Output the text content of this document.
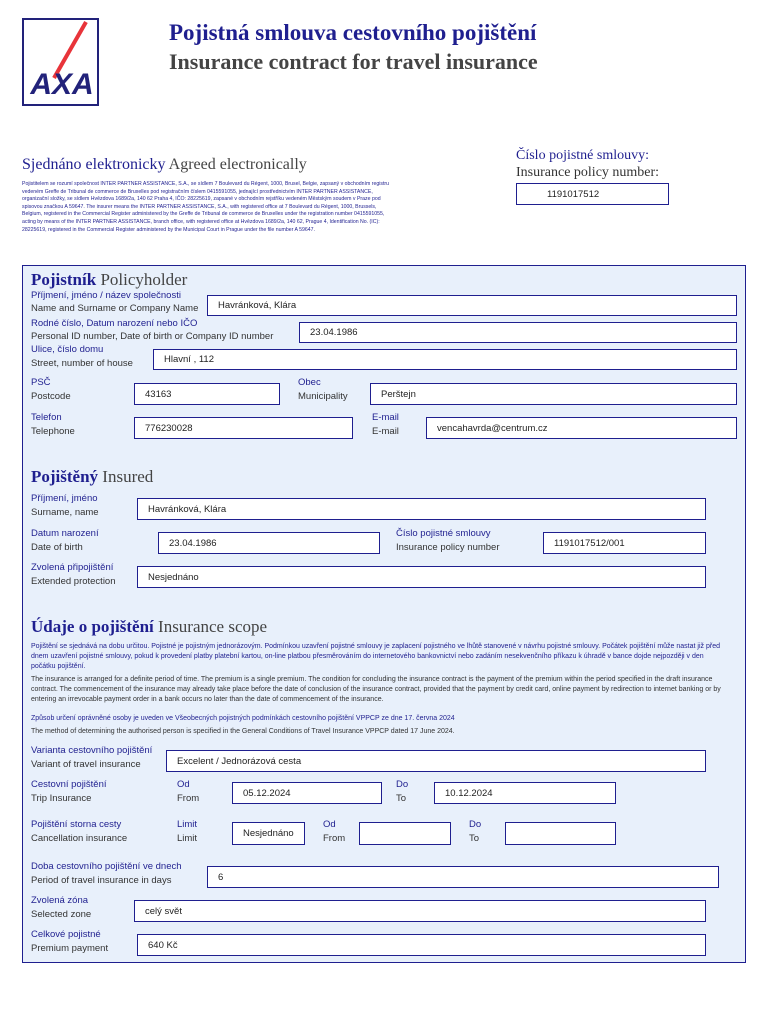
AXA
Pojistná smlouva cestovního pojištění
Insurance contract for travel insurance
Sjednáno elektronicky Agreed electronically
Pojistitelem se rozumí společnost INTER PARTNER ASSISTANCE, S.A., se sídlem 7 Boulevard du Régent, 1000, Brusel, Belgie, zapsaný v obchodním registru vedeném Greffe de Tribunal de commerce de Bruxelles pod registračním číslem 0415591055, jednající prostřednictvím INTER PARTNER ASSISTANCE, organizační složky, se sídlem Hvězdova 1689/2a, 140 62 Praha 4, IČO: 28225619, zapsané v obchodním rejstříku vedeném Městským soudem v Praze pod spisovou značkou A 59647. The insurer means the INTER PARTNER ASSISTANCE, S.A., with registered office at 7 Boulevard du Régent, 1000, Brussels, Belgium, registered in the Commercial Register administered by the Greffe de Tribunal de commerce de Bruxelles under the registration number 0415591055, acting by means of the INTER PARTNER ASSISTANCE, branch office, with registered office at Hvězdova 1689/2a, 140 62, Prague 4, Identification No. (IC): 28225619, registered in the Commercial Register administered by the Municipal Court in Prague under the file number A 59647.
Číslo pojistné smlouvy:
Insurance policy number:
1191017512
Pojistník Policyholder
Příjmení, jméno / název společnosti
Name and Surname or Company Name	Havránková, Klára
Rodné číslo, Datum narození nebo IČO
Personal ID number, Date of birth or Company ID number	23.04.1986
Ulice, číslo domu
Street, number of house	Hlavní , 112
PSČ
Postcode	43163
Obec
Municipality	Perštejn
Telefon
Telephone	776230028
E-mail
E-mail	vencahavrda@centrum.cz
Pojištěný Insured
Příjmení, jméno
Surname, name	Havránková, Klára
Datum narození
Date of birth	23.04.1986
Číslo pojistné smlouvy
Insurance policy number	1191017512/001
Zvolená připojištění
Extended protection	Nesjednáno
Údaje o pojištění Insurance scope
Pojištění se sjednává na dobu určitou. Pojistné je pojistným jednorázovým. Podmínkou uzavření pojistné smlouvy je zaplacení pojistného ve lhůtě stanovené v návrhu pojistné smlouvy. Počátek pojištění může nastat již před dnem uzavření pojistné smlouvy, pokud k provedení platby platební kartou, on-line platbou přesměrováním do internetového bankovnictví nebo zadáním nesekvenčního příkazu k úhradě v bance dojde nejpozději v den počátku pojištění.
The insurance is arranged for a definite period of time. The premium is a single premium. The condition for concluding the insurance contract is the payment of the premium within the period specified in the draft insurance contract. The commencement of the insurance may already take place before the date of conclusion of the insurance contract, provided that the payment by credit card, online payment by redirection to internet banking or by entering an irrevocable payment order in a bank occurs no later than the date of commencement of the insurance.
Způsob určení oprávněné osoby je uveden ve Všeobecných pojistných podmínkách cestovního pojištění VPPCP ze dne 17. června 2024
The method of determining the authorised person is specified in the General Conditions of Travel Insurance VPPCP dated 17 June 2024.
Varianta cestovního pojištění
Variant of travel insurance	Excelent / Jednorázová cesta
Cestovní pojištění
Trip Insurance
Od
From	05.12.2024
Do
To	10.12.2024
Pojištění storna cesty
Cancellation insurance
Limit
Limit	Nesjednáno
Od
From
Do
To
Doba cestovního pojištění ve dnech
Period of travel insurance in days	6
Zvolená zóna
Selected zone	celý svět
Celkové pojistné
Premium payment	640 Kč
